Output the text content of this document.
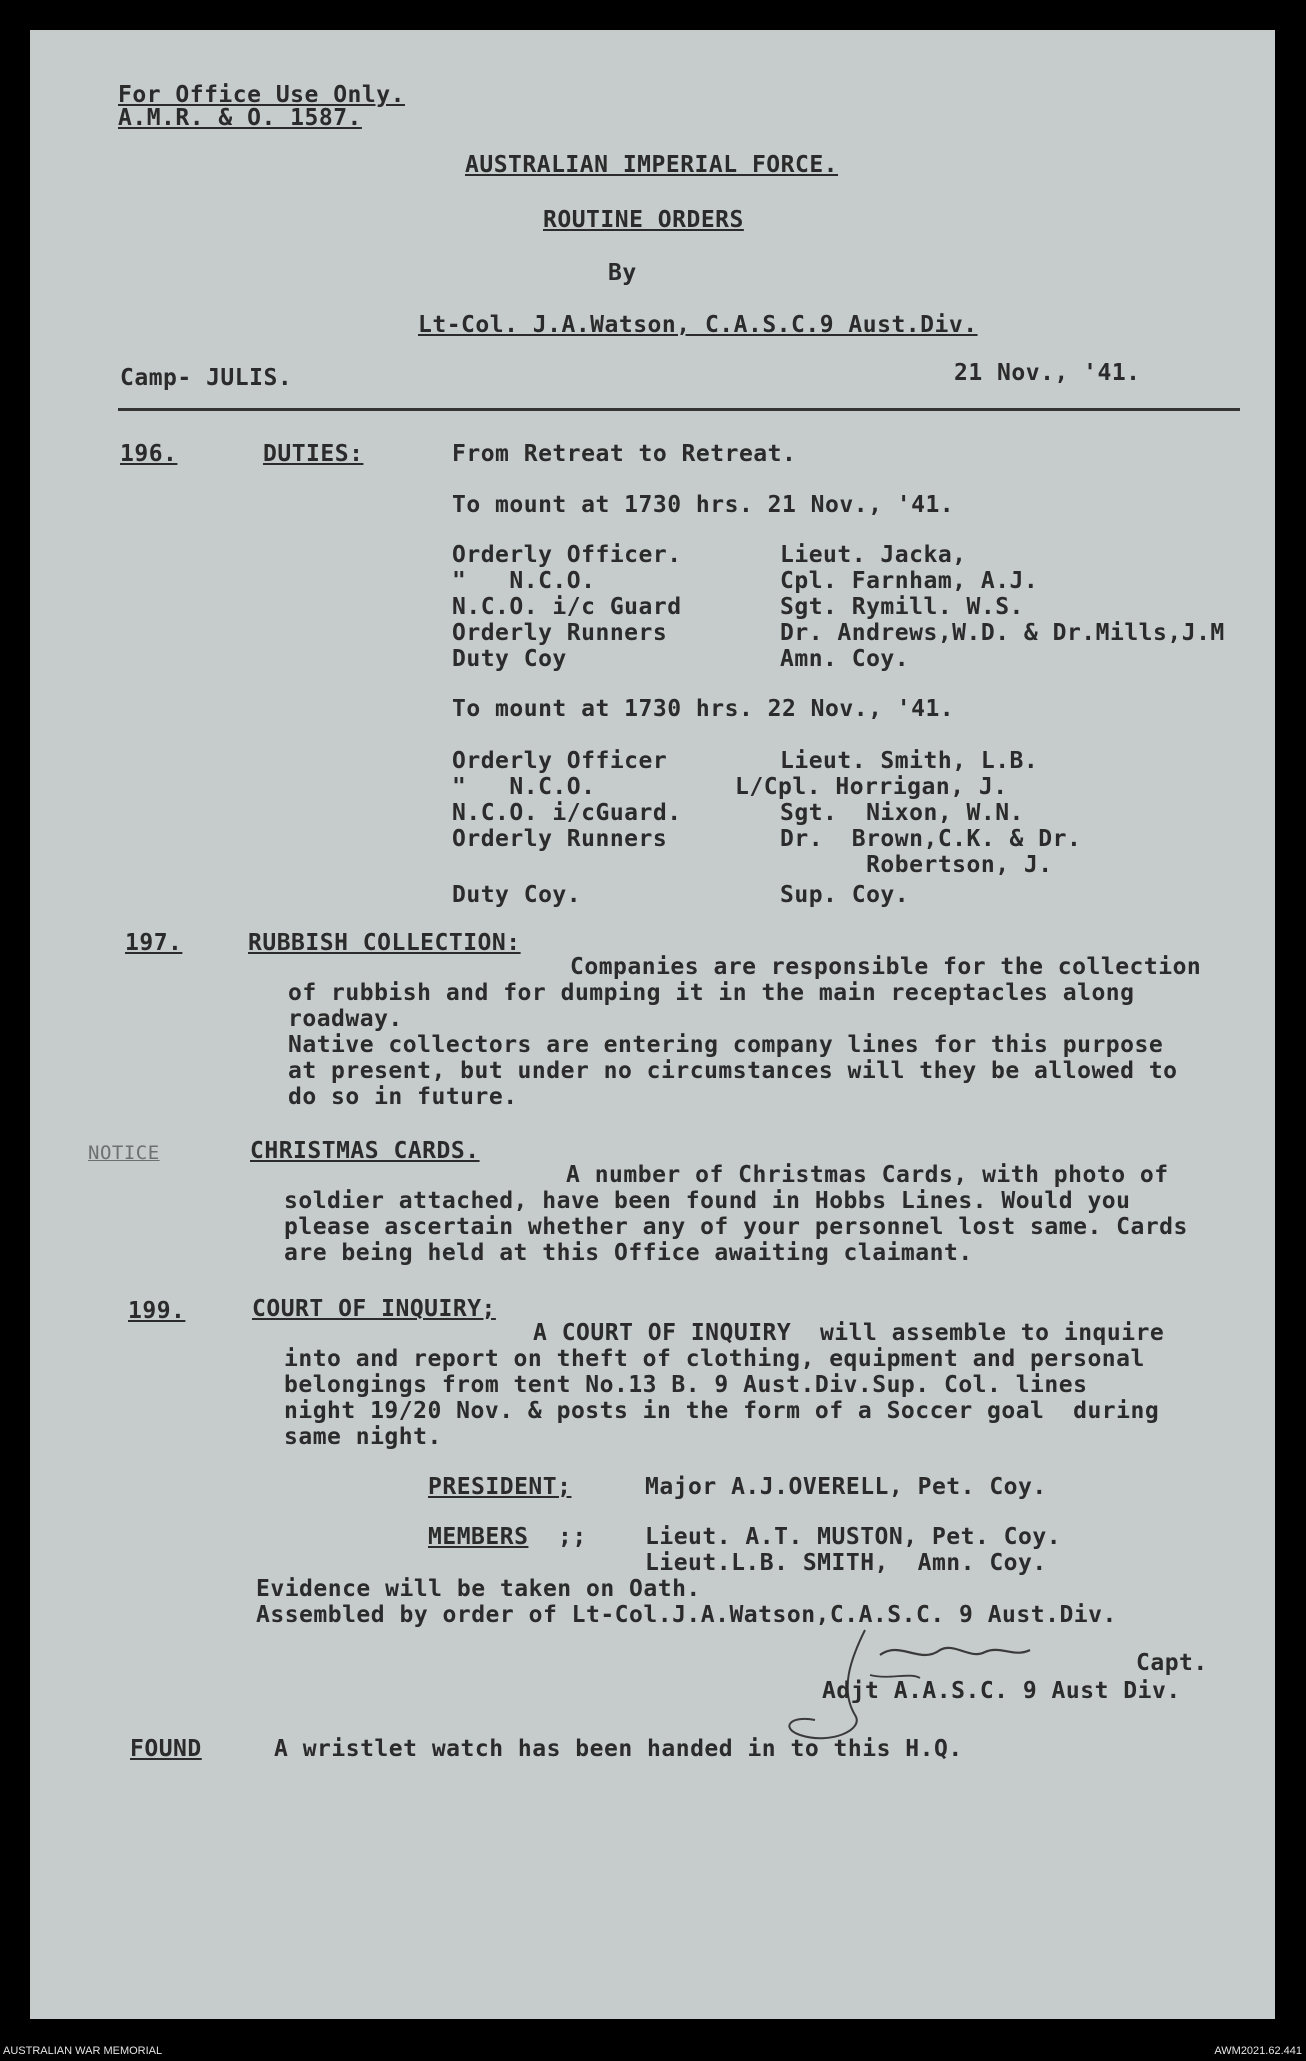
For Office Use Only.
A.M.R. & O. 1587.
AUSTRALIAN IMPERIAL FORCE.
ROUTINE ORDERS
By
Lt-Col. J.A.Watson, C.A.S.C.9 Aust.Div.
Camp- JULIS.	21 Nov., '41.
196.	DUTIES:	From Retreat to Retreat.
To mount at 1730 hrs. 21 Nov., '41.
Orderly Officer.	Lieut. Jacka,
"   N.C.O.	Cpl. Farnham, A.J.
N.C.O. i/c Guard	Sgt. Rymill. W.S.
Orderly Runners	Dr. Andrews,W.D. & Dr.Mills,J.M
Duty Coy	Amn. Coy.
To mount at 1730 hrs. 22 Nov., '41.
Orderly Officer	Lieut. Smith, L.B.
"   N.C.O.	L/Cpl. Horrigan, J.
N.C.O. i/cGuard.	Sgt.  Nixon, W.N.
Orderly Runners	Dr.  Brown,C.K. & Dr.
Robertson, J.
Duty Coy.	Sup. Coy.
197.	RUBBISH COLLECTION:
Companies are responsible for the collection
of rubbish and for dumping it in the main receptacles along
roadway.
Native collectors are entering company lines for this purpose
at present, but under no circumstances will they be allowed to
do so in future.
NOTICE	CHRISTMAS CARDS.
A number of Christmas Cards, with photo of
soldier attached, have been found in Hobbs Lines. Would you
please ascertain whether any of your personnel lost same. Cards
are being held at this Office awaiting claimant.
199.	COURT OF INQUIRY;
A COURT OF INQUIRY  will assemble to inquire
into and report on theft of clothing, equipment and personal
belongings from tent No.13 B. 9 Aust.Div.Sup. Col. lines
night 19/20 Nov. & posts in the form of a Soccer goal  during
same night.
PRESIDENT;	Major A.J.OVERELL, Pet. Coy.
MEMBERS ;;	Lieut. A.T. MUSTON, Pet. Coy.
Lieut.L.B. SMITH,  Amn. Coy.
Evidence will be taken on Oath.
Assembled by order of Lt-Col.J.A.Watson,C.A.S.C. 9 Aust.Div.
Capt.
Adjt A.A.S.C. 9 Aust Div.
FOUND	A wristlet watch has been handed in to this H.Q.
AUSTRALIAN WAR MEMORIAL	AWM2021.62.441
